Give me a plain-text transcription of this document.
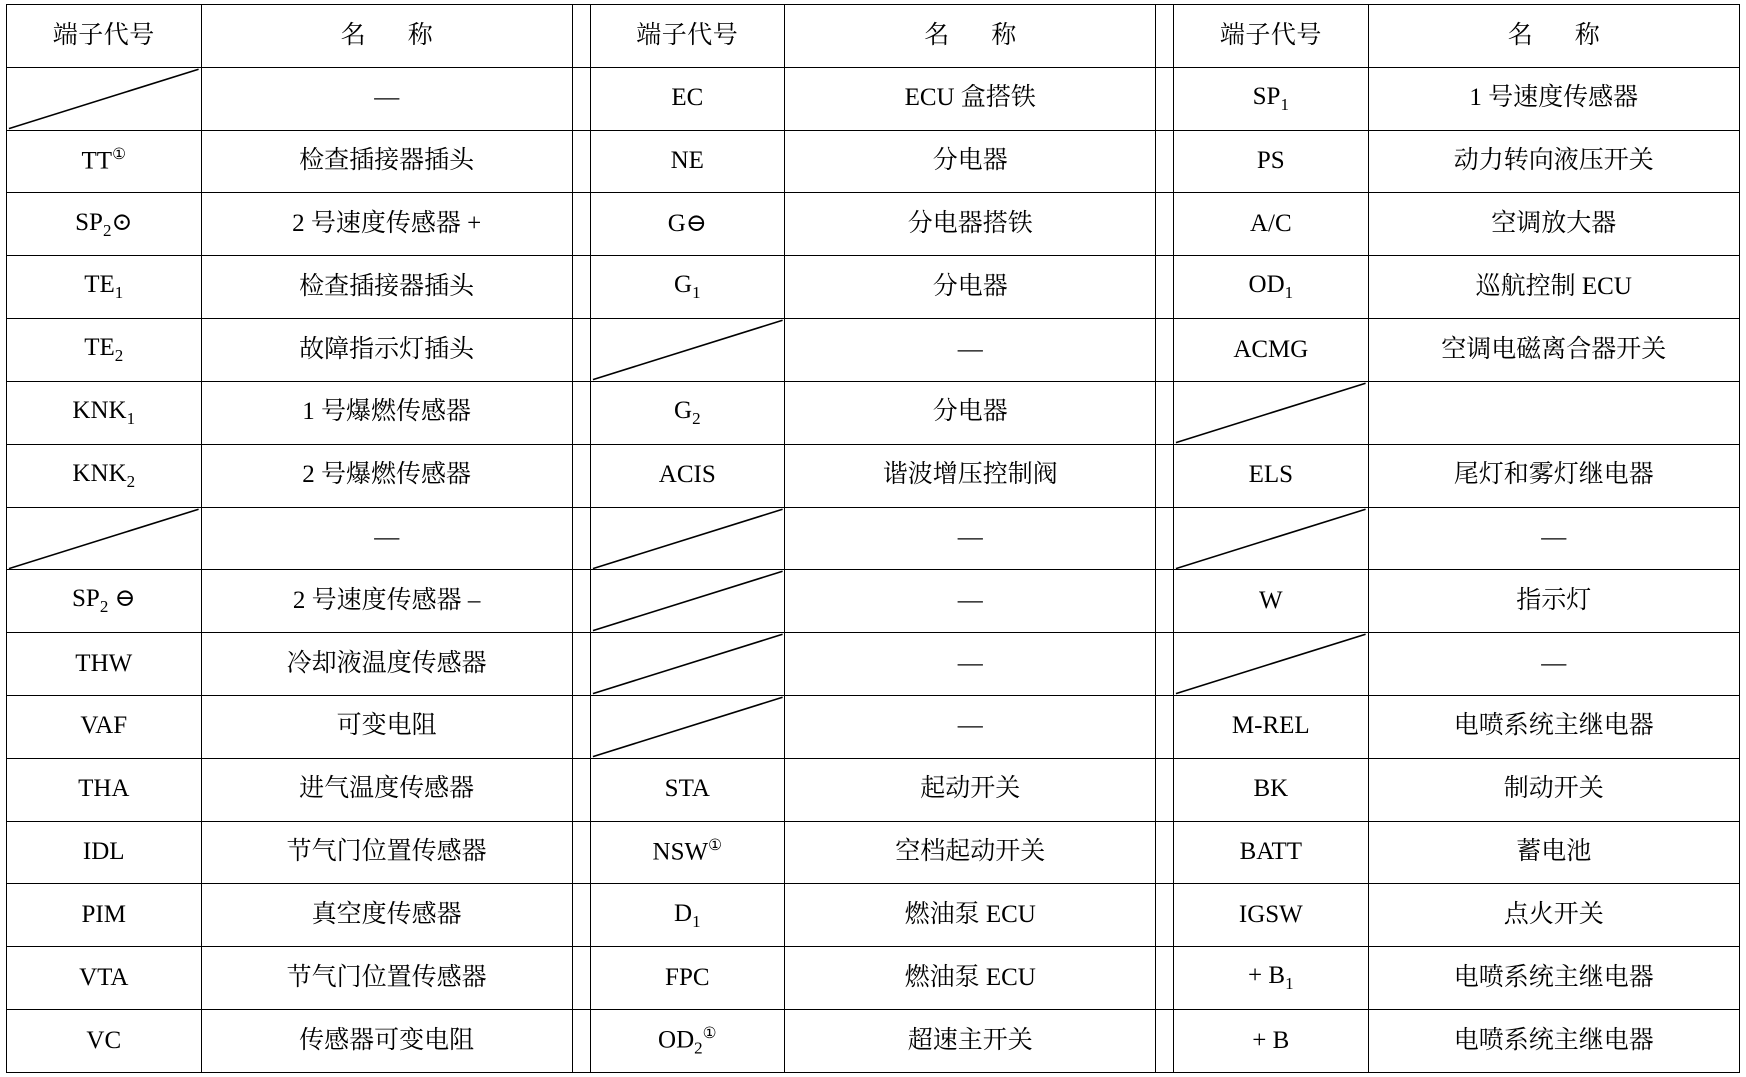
端子代号	名 称		端子代号	名 称		端子代号	名 称

	—		EC	ECU 盒搭铁		$SP_1$	1 号速度传感器
TT①	检查插接器插头		NE	分电器		PS	动力转向液压开关
$SP_2⊙$	2 号速度传感器 +		G⊖	分电器搭铁		A/C	空调放大器
$TE_1$	检查插接器插头		$G_1$	分电器		$OD_1$	巡航控制 ECU
$TE_2$	故障指示灯插头			—		ACMG	空调电磁离合器开关
$KNK_1$	1 号爆燃传感器		$G_2$	分电器		

$KNK_2$	2 号爆燃传感器		ACIS	谐波增压控制阀		ELS	尾灯和雾灯继电器

	—			—			—
$SP_2$ ⊖	2 号速度传感器 –			—		W	指示灯
THW	冷却液温度传感器			—			—
VAF	可变电阻			—		M-REL	电喷系统主继电器
THA	进气温度传感器		STA	起动开关		BK	制动开关
IDL	节气门位置传感器		NSW①	空档起动开关		BATT	蓄电池
PIM	真空度传感器		$D_1$	燃油泵 ECU		IGSW	点火开关
VTA	节气门位置传感器		FPC	燃油泵 ECU		+ $B_1$	电喷系统主继电器
VC	传感器可变电阻		$OD_2^①$	超速主开关		+ B	电喷系统主继电器
